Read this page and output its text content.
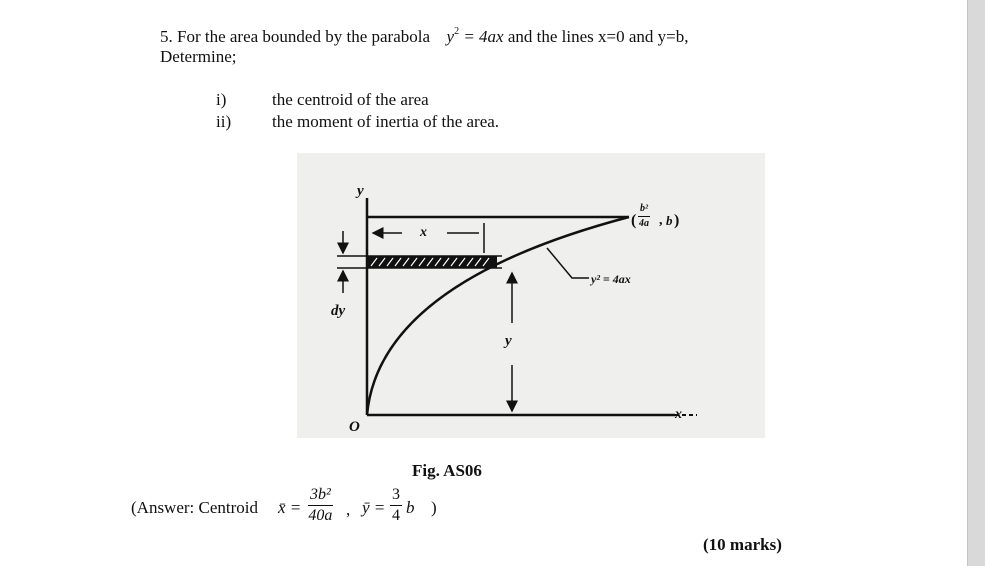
5. For the area bounded by the parabola $y^2 = 4ax$ and the lines x=0 and y=b,
Determine;
i)	the centroid of the area
ii) the moment of inertia of the area.
y
x
O
x
dy
y
y² = 4ax
( $\frac{\text{b²}}{4a}$ , b )
Fig. AS06
(Answer: Centroid x̄ = $\frac{\text{3b²}}{40a}$ , ȳ = $\frac{3}{4}$ b )
(10 marks)
